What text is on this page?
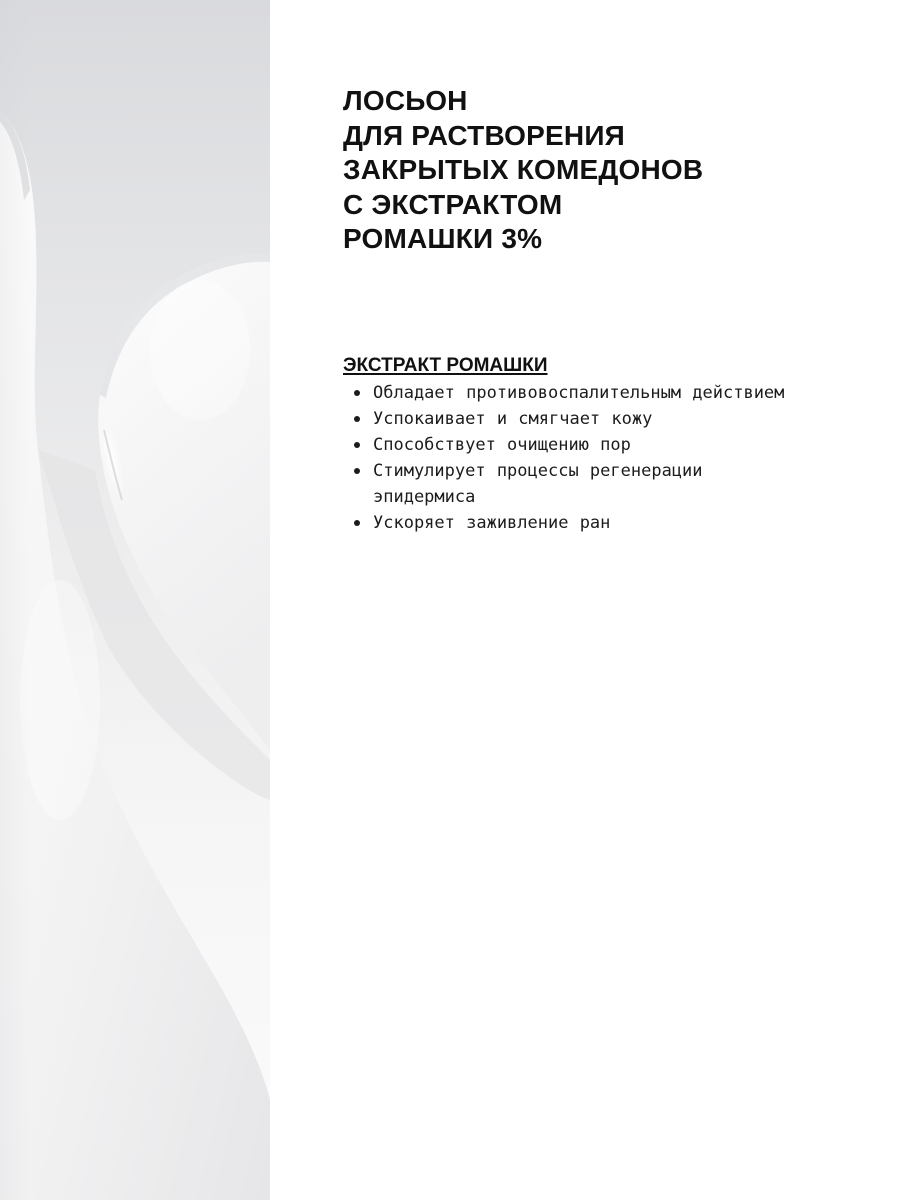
ЛОСЬОН
ДЛЯ РАСТВОРЕНИЯ
ЗАКРЫТЫХ КОМЕДОНОВ
С ЭКСТРАКТОМ
РОМАШКИ 3%
ЭКСТРАКТ РОМАШКИ
Обладает противовоспалительным действием
Успокаивает и смягчает кожу
Способствует очищению пор
Стимулирует процессы регенерации эпидермиса
Ускоряет заживление ран
